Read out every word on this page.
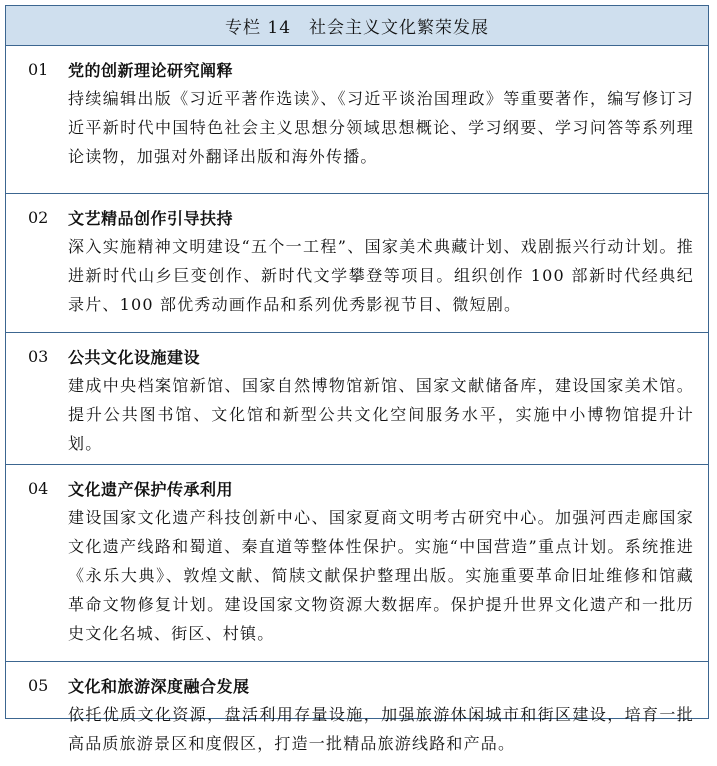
专栏 14　社会主义文化繁荣发展
01	党的创新理论研究阐释
持续编辑出版《习近平著作选读》、《习近平谈治国理政》等重要著作，编写修订习近平新时代中国特色社会主义思想分领域思想概论、学习纲要、学习问答等系列理论读物，加强对外翻译出版和海外传播。
02	文艺精品创作引导扶持
深入实施精神文明建设“五个一工程”、国家美术典藏计划、戏剧振兴行动计划。推进新时代山乡巨变创作、新时代文学攀登等项目。组织创作 100 部新时代经典纪录片、100 部优秀动画作品和系列优秀影视节目、微短剧。
03	公共文化设施建设
建成中央档案馆新馆、国家自然博物馆新馆、国家文献储备库，建设国家美术馆。提升公共图书馆、文化馆和新型公共文化空间服务水平，实施中小博物馆提升计划。
04	文化遗产保护传承利用
建设国家文化遗产科技创新中心、国家夏商文明考古研究中心。加强河西走廊国家文化遗产线路和蜀道、秦直道等整体性保护。实施“中国营造”重点计划。系统推进《永乐大典》、敦煌文献、简牍文献保护整理出版。实施重要革命旧址维修和馆藏革命文物修复计划。建设国家文物资源大数据库。保护提升世界文化遗产和一批历史文化名城、街区、村镇。
05	文化和旅游深度融合发展
依托优质文化资源，盘活利用存量设施，加强旅游休闲城市和街区建设，培育一批高品质旅游景区和度假区，打造一批精品旅游线路和产品。
